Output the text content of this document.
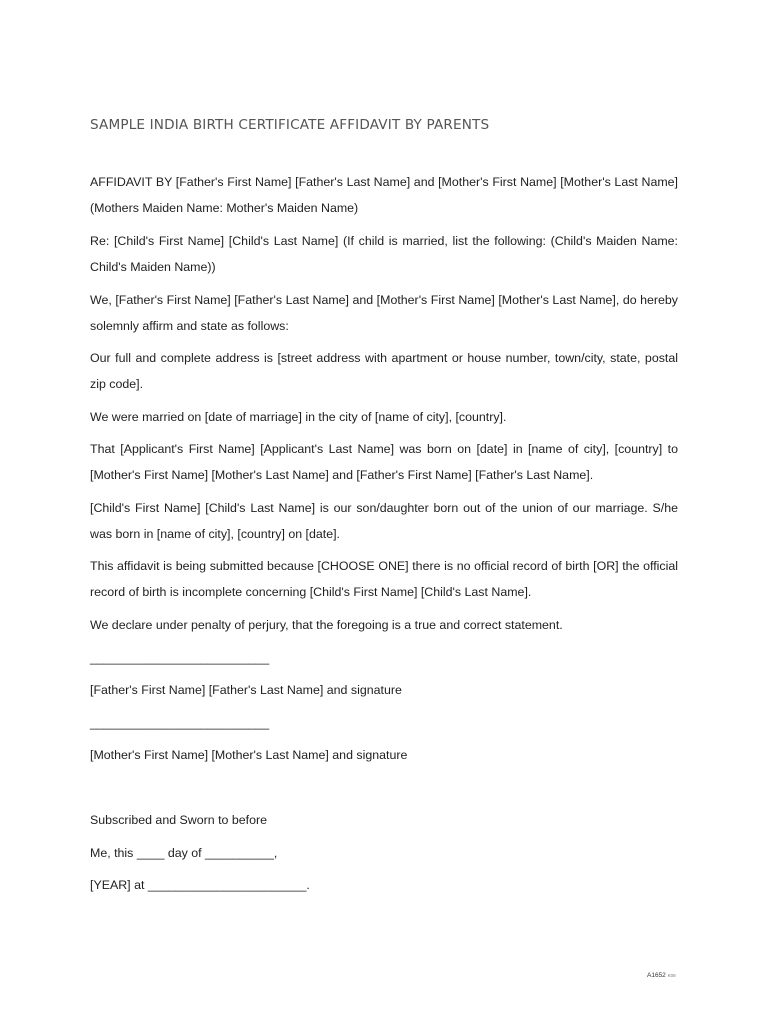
SAMPLE INDIA BIRTH CERTIFICATE AFFIDAVIT BY PARENTS
AFFIDAVIT BY [Father's First Name] [Father's Last Name] and [Mother's First Name] [Mother's Last Name] (Mothers Maiden Name: Mother's Maiden Name)
Re: [Child's First Name] [Child's Last Name] (If child is married, list the following: (Child's Maiden Name: Child's Maiden Name))
We, [Father's First Name] [Father's Last Name] and [Mother's First Name] [Mother's Last Name], do hereby solemnly affirm and state as follows:
Our full and complete address is [street address with apartment or house number, town/city, state, postal zip code].
We were married on [date of marriage] in the city of [name of city], [country].
That [Applicant's First Name] [Applicant's Last Name] was born on [date] in [name of city], [country] to [Mother's First Name] [Mother's Last Name] and [Father's First Name] [Father's Last Name].
[Child's First Name] [Child's Last Name] is our son/daughter born out of the union of our marriage. S/he was born in [name of city], [country] on [date].
This affidavit is being submitted because [CHOOSE ONE] there is no official record of birth [OR] the official record of birth is incomplete concerning [Child's First Name] [Child's Last Name].
We declare under penalty of perjury, that the foregoing is a true and correct statement.
__________________________
[Father's First Name] [Father's Last Name] and signature
__________________________
[Mother's First Name] [Mother's Last Name] and signature
Subscribed and Sworn to before
Me, this ____ day of __________,
[YEAR] at _______________________.
A1652 K08
